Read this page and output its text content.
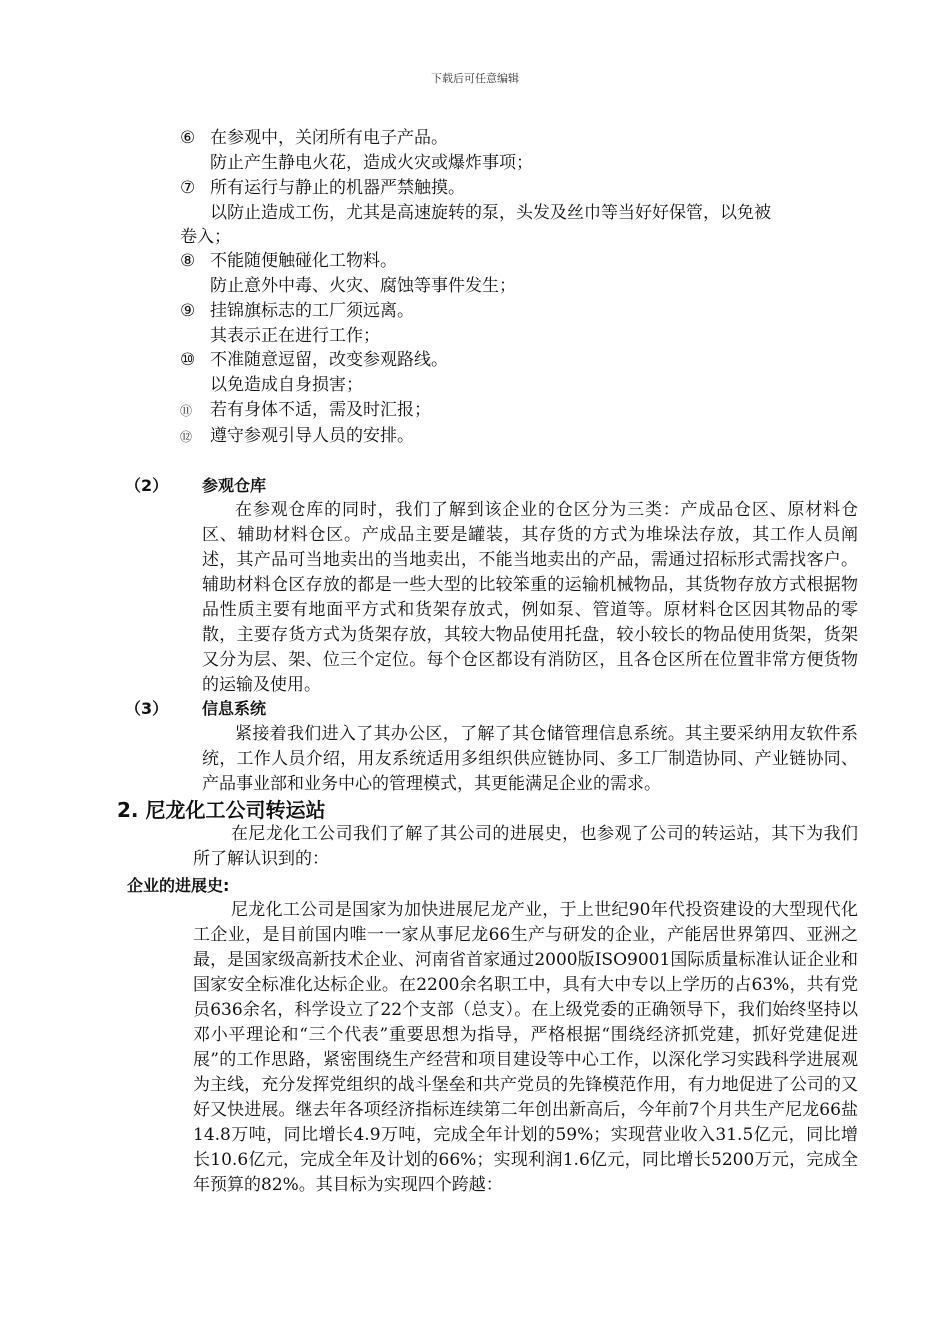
下载后可任意编辑
⑥ 在参观中，关闭所有电子产品。
防止产生静电火花，造成火灾或爆炸事项；
⑦ 所有运行与静止的机器严禁触摸。
以防止造成工伤，尤其是高速旋转的泵，头发及丝巾等当好好保管，以免被
卷入；
⑧ 不能随便触碰化工物料。
防止意外中毒、火灾、腐蚀等事件发生；
⑨ 挂锦旗标志的工厂须远离。
其表示正在进行工作；
⑩ 不准随意逗留，改变参观路线。
以免造成自身损害；
⑪ 若有身体不适，需及时汇报；
⑫ 遵守参观引导人员的安排。
（2） 参观仓库

在参观仓库的同时，我们了解到该企业的仓区分为三类：产成品仓区、原材料仓区、辅助材料仓区。产成品主要是罐装，其存货的方式为堆垛法存放，其工作人员阐述，其产品可当地卖出的当地卖出，不能当地卖出的产品，需通过招标形式需找客户。辅助材料仓区存放的都是一些大型的比较笨重的运输机械物品，其货物存放方式根据物品性质主要有地面平方式和货架存放式，例如泵、管道等。原材料仓区因其物品的零散，主要存货方式为货架存放，其较大物品使用托盘，较小较长的物品使用货架，货架又分为层、架、位三个定位。每个仓区都设有消防区，且各仓区所在位置非常方便货物的运输及使用。

（3） 信息系统

紧接着我们进入了其办公区，了解了其仓储管理信息系统。其主要采纳用友软件系统，工作人员介绍，用友系统适用多组织供应链协同、多工厂制造协同、产业链协同、产品事业部和业务中心的管理模式，其更能满足企业的需求。

2. 尼龙化工公司转运站

在尼龙化工公司我们了解了其公司的进展史，也参观了公司的转运站，其下为我们所了解认识到的：

企业的进展史:

尼龙化工公司是国家为加快进展尼龙产业，于上世纪90年代投资建设的大型现代化工企业，是目前国内唯一一家从事尼龙66生产与研发的企业，产能居世界第四、亚洲之最，是国家级高新技术企业、河南省首家通过2000版ISO9001国际质量标准认证企业和国家安全标准化达标企业。在2200余名职工中，具有大中专以上学历的占63%，共有党员636余名，科学设立了22个支部（总支）。在上级党委的正确领导下，我们始终坚持以邓小平理论和“三个代表”重要思想为指导，严格根据“围绕经济抓党建，抓好党建促进展”的工作思路，紧密围绕生产经营和项目建设等中心工作，以深化学习实践科学进展观为主线，充分发挥党组织的战斗堡垒和共产党员的先锋模范作用，有力地促进了公司的又好又快进展。继去年各项经济指标连续第二年创出新高后，今年前7个月共生产尼龙66盐14.8万吨，同比增长4.9万吨，完成全年计划的59%；实现营业收入31.5亿元，同比增长10.6亿元，完成全年及计划的66%；实现利润1.6亿元，同比增长5200万元，完成全年预算的82%。其目标为实现四个跨越：
